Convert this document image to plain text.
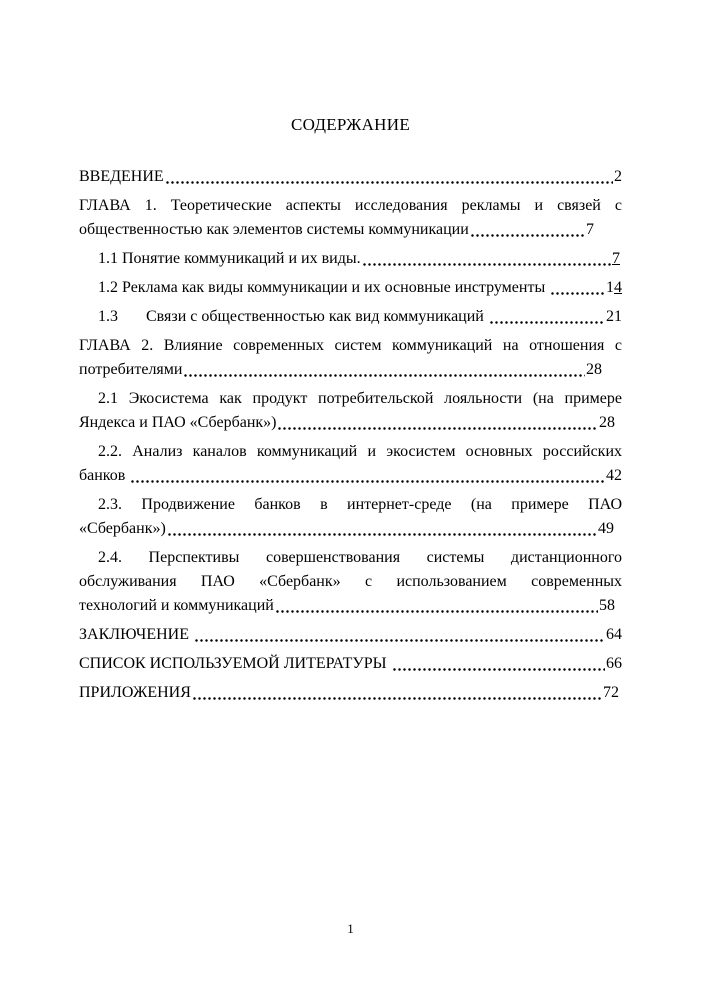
СОДЕРЖАНИЕ
ВВЕДЕНИЕ	2
ГЛАВА 1. Теоретические аспекты исследования рекламы и связей с
общественностью как элементов системы коммуникации	7
1.1 Понятие коммуникаций и их виды.	7
1.2 Реклама как виды коммуникации и их основные инструменты	14
1.3       Связи с общественностью как вид коммуникаций	21
ГЛАВА 2. Влияние современных систем коммуникаций на отношения с
потребителями	28
2.1 Экосистема как продукт потребительской лояльности (на примере
Яндекса и ПАО «Сбербанк»)	28
2.2. Анализ каналов коммуникаций и экосистем основных российских
банков	42
2.3. Продвижение банков в интернет-среде (на примере ПАО
«Сбербанк»)	49
2.4. Перспективы совершенствования системы дистанционного
обслуживания ПАО «Сбербанк» с использованием современных
технологий и коммуникаций	58
ЗАКЛЮЧЕНИЕ	64
СПИСОК ИСПОЛЬЗУЕМОЙ ЛИТЕРАТУРЫ	66
ПРИЛОЖЕНИЯ	72
1
